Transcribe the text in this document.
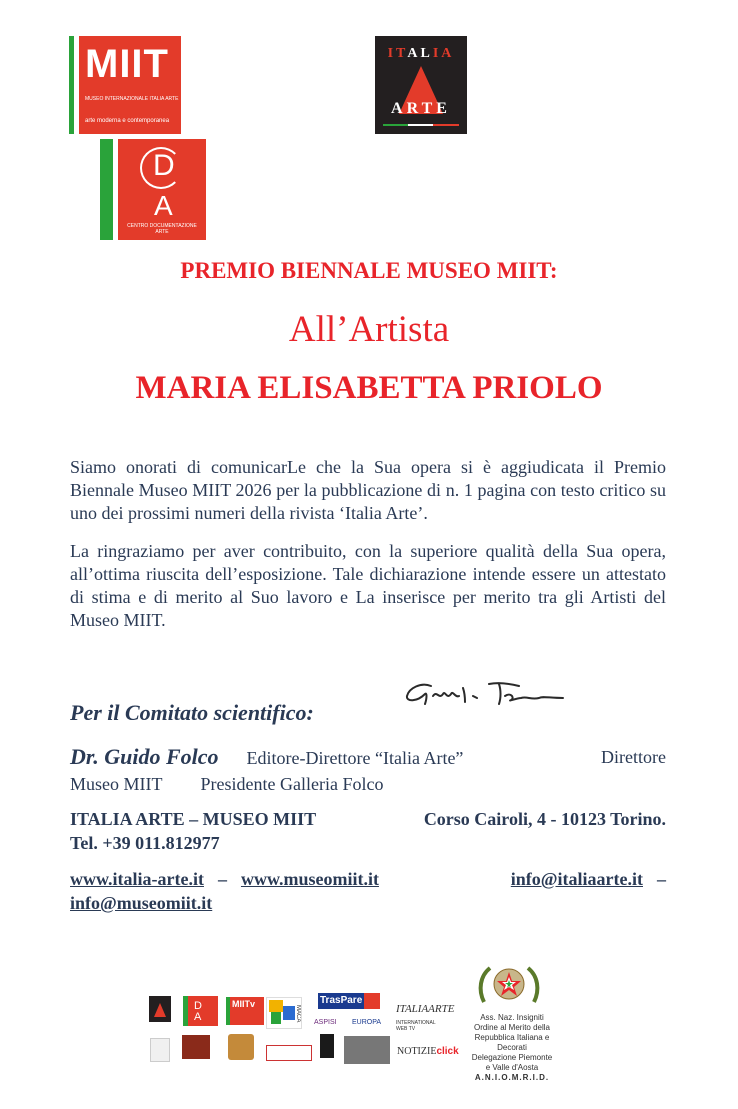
MIIT
MUSEO INTERNAZIONALE ITALIA ARTE
arte moderna e contemporanea
D
A
CENTRO DOCUMENTAZIONE ARTE
ITALIA
ARTE
PREMIO BIENNALE MUSEO MIIT:
All’Artista
MARIA ELISABETTA PRIOLO
Siamo onorati di comunicarLe che la Sua opera si è aggiudicata il Premio Biennale Museo MIIT 2026 per la pubblicazione di n. 1 pagina con testo critico su uno dei prossimi numeri della rivista ‘Italia Arte’.
La ringraziamo per aver contribuito, con la superiore qualità della Sua opera, all’ottima riuscita dell’esposizione. Tale dichiarazione intende essere un attestato di stima e di merito al Suo lavoro e La inserisce per merito tra gli Artisti del Museo MIIT.
Per il Comitato scientifico:
Dr. Guido Folco Editore-Direttore “Italia Arte”	Direttore

Museo MIIT Presidente Galleria Folco
ITALIA ARTE – MUSEO MIIT	Corso Cairoli, 4 - 10123 Torino.

Tel. +39 011.812977
www.italia-arte.it – www.museomiit.it	info@italiaarte.it –

info@museomiit.it
D
A
MIITv
MACA
TrasPare
ASPISI EUROPA
ITALIAARTE
INTERNATIONAL WEB TV
NOTIZIEclick
Ass. Naz. Insigniti
Ordine al Merito della
Repubblica Italiana e
Decorati
Delegazione Piemonte
e Valle d'Aosta
A.N.I.O.M.R.I.D.
